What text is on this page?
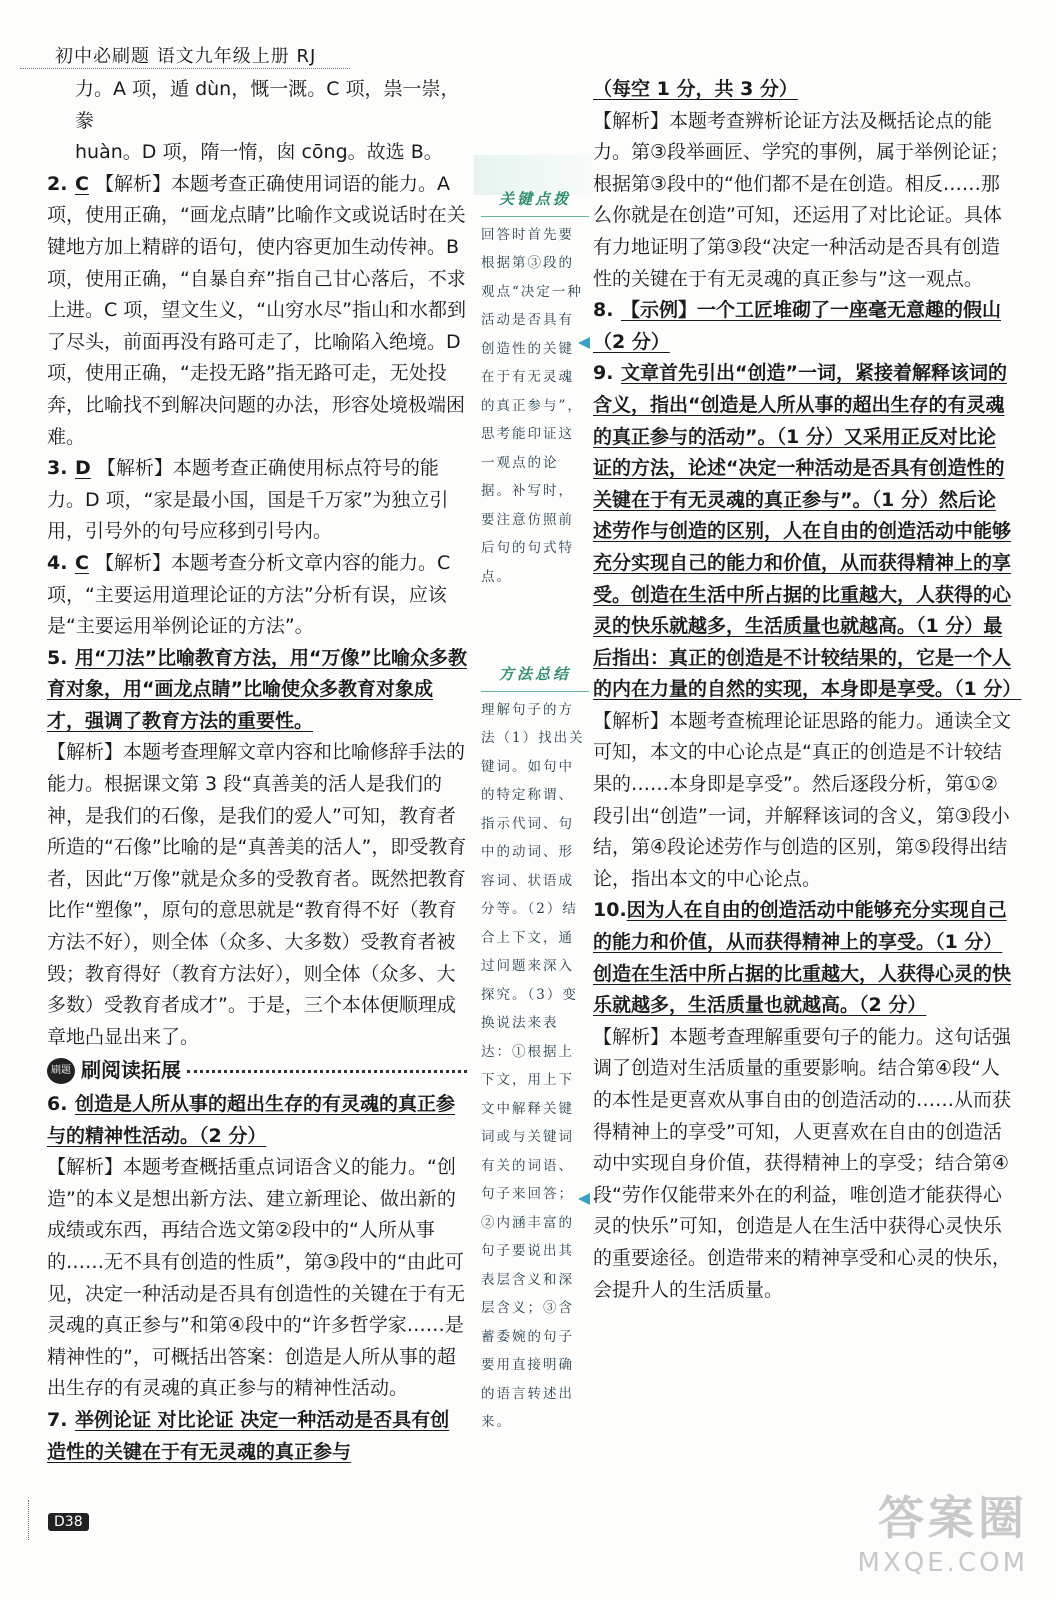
初中必刷题 语文九年级上册 RJ

力。A 项，遁 dùn，慨一溉。C 项，祟一崇，豢

huàn。D 项，隋一惰，囱 cōng。故选 B。

2. C 【解析】本题考查正确使用词语的能力。A 项，使用正确，“画龙点睛”比喻作文或说话时在关键地方加上精辟的语句，使内容更加生动传神。B 项，使用正确，“自暴自弃”指自己甘心落后，不求上进。C 项，望文生义，“山穷水尽”指山和水都到了尽头，前面再没有路可走了，比喻陷入绝境。D 项，使用正确，“走投无路”指无路可走，无处投奔，比喻找不到解决问题的办法，形容处境极端困难。

3. D 【解析】本题考查正确使用标点符号的能力。D 项，“家是最小国，国是千万家”为独立引用，引号外的句号应移到引号内。

4. C 【解析】本题考查分析文章内容的能力。C 项，“主要运用道理论证的方法”分析有误，应该是“主要运用举例论证的方法”。

5. 用“刀法”比喻教育方法，用“万像”比喻众多教育对象，用“画龙点睛”比喻使众多教育对象成才，强调了教育方法的重要性。

【解析】本题考查理解文章内容和比喻修辞手法的能力。根据课文第 3 段“真善美的活人是我们的神，是我们的石像，是我们的爱人”可知，教育者所造的“石像”比喻的是“真善美的活人”，即受教育者，因此“万像”就是众多的受教育者。既然把教育比作“塑像”，原句的意思就是“教育得不好（教育方法不好），则全体（众多、大多数）受教育者被毁；教育得好（教育方法好），则全体（众多、大多数）受教育者成才”。于是，三个本体便顺理成章地凸显出来了。

刷题 刷阅读拓展

6. 创造是人所从事的超出生存的有灵魂的真正参与的精神性活动。（2 分）

【解析】本题考查概括重点词语含义的能力。“创造”的本义是想出新方法、建立新理论、做出新的成绩或东西，再结合选文第②段中的“人所从事的……无不具有创造的性质”，第③段中的“由此可见，决定一种活动是否具有创造性的关键在于有无灵魂的真正参与”和第④段中的“许多哲学家……是精神性的”，可概括出答案：创造是人所从事的超出生存的有灵魂的真正参与的精神性活动。

7. 举例论证 对比论证 决定一种活动是否具有创造性的关键在于有无灵魂的真正参与

关键点拨
回答时首先要根据第③段的观点“决定一种活动是否具有创造性的关键在于有无灵魂的真正参与”，思考能印证这一观点的论据。补写时，要注意仿照前后句的句式特点。
方法总结
理解句子的方法（1）找出关键词。如句中的特定称谓、指示代词、句中的动词、形容词、状语成分等。（2）结合上下文，通过问题来深入探究。（3）变换说法来表达：①根据上下文，用上下文中解释关键词或与关键词有关的词语、句子来回答；②内涵丰富的句子要说出其表层含义和深层含义；③含蓄委婉的句子要用直接明确的语言转述出来。

（每空 1 分，共 3 分）

【解析】本题考查辨析论证方法及概括论点的能力。第③段举画匠、学究的事例，属于举例论证；根据第③段中的“他们都不是在创造。相反……那么你就是在创造”可知，还运用了对比论证。具体有力地证明了第③段“决定一种活动是否具有创造性的关键在于有无灵魂的真正参与”这一观点。

8. 【示例】一个工匠堆砌了一座毫无意趣的假山（2 分）

9. 文章首先引出“创造”一词，紧接着解释该词的含义，指出“创造是人所从事的超出生存的有灵魂的真正参与的活动”。（1 分）又采用正反对比论证的方法，论述“决定一种活动是否具有创造性的关键在于有无灵魂的真正参与”。（1 分）然后论述劳作与创造的区别，人在自由的创造活动中能够充分实现自己的能力和价值，从而获得精神上的享受。创造在生活中所占据的比重越大，人获得的心灵的快乐就越多，生活质量也就越高。（1 分）最后指出：真正的创造是不计较结果的，它是一个人的内在力量的自然的实现，本身即是享受。（1 分）

【解析】本题考查梳理论证思路的能力。通读全文可知，本文的中心论点是“真正的创造是不计较结果的……本身即是享受”。然后逐段分析，第①②段引出“创造”一词，并解释该词的含义，第③段小结，第④段论述劳作与创造的区别，第⑤段得出结论，指出本文的中心论点。

10.因为人在自由的创造活动中能够充分实现自己的能力和价值，从而获得精神上的享受。（1 分）创造在生活中所占据的比重越大，人获得心灵的快乐就越多，生活质量也就越高。（2 分）

【解析】本题考查理解重要句子的能力。这句话强调了创造对生活质量的重要影响。结合第④段“人的本性是更喜欢从事自由的创造活动的……从而获得精神上的享受”可知，人更喜欢在自由的创造活动中实现自身价值，获得精神上的享受；结合第④段“劳作仅能带来外在的利益，唯创造才能获得心灵的快乐”可知，创造是人在生活中获得心灵快乐的重要途径。创造带来的精神享受和心灵的快乐，会提升人的生活质量。

D38	答案圈
MXQE.COM
